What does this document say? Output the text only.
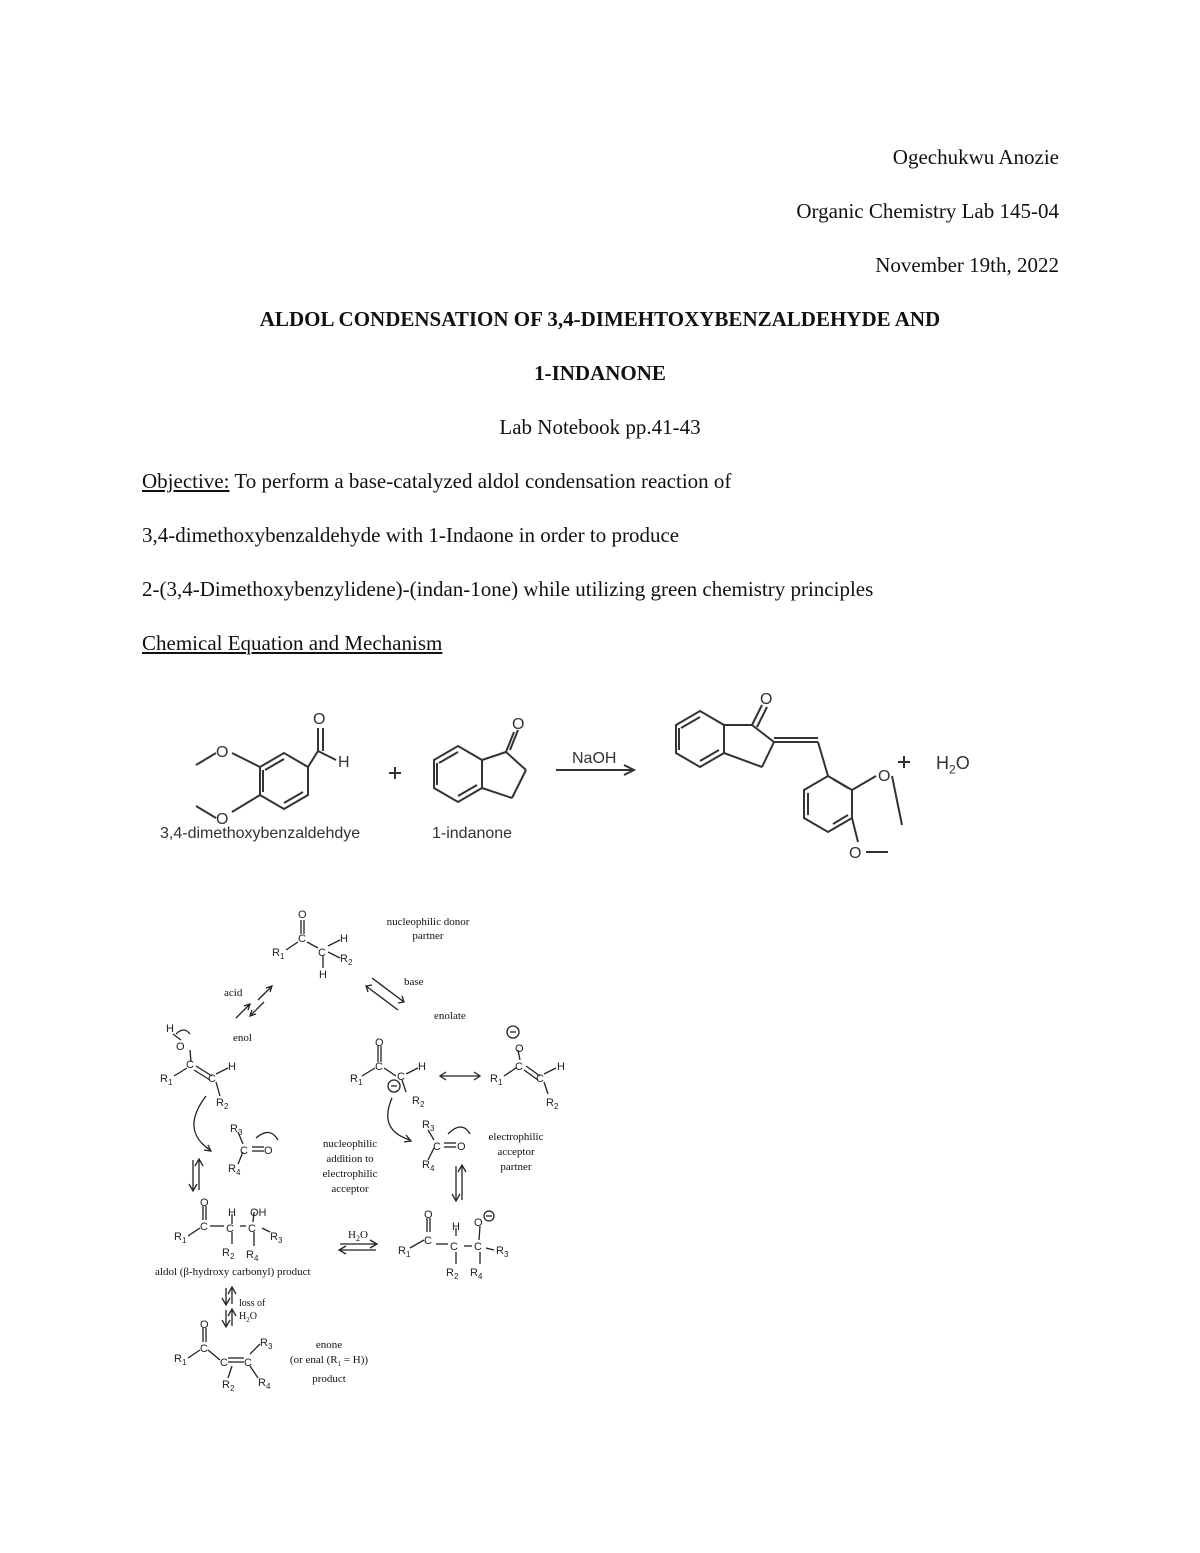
Ogechukwu Anozie
Organic Chemistry Lab 145-04
November 19th, 2022
ALDOL CONDENSATION OF 3,4-DIMEHTOXYBENZALDEHYDE AND
1-INDANONE
Lab Notebook pp.41-43
Objective: To perform a base-catalyzed aldol condensation reaction of
3,4-dimethoxybenzaldehyde with 1-Indaone in order to produce
2-(3,4-Dimethoxybenzylidene)-(indan-1one) while utilizing green chemistry principles
Chemical Equation and Mechanism
O
H
O
O
O
O
O
O
NaOH	$H_2O$
3,4-dimethoxybenzaldehdye	1-indanone
O
C
$R_1$	C
H
$R_2$
H
H
O
C
$R_1$	C
H
$R_2$
$R_3$
C O
$R_4$
O
C
$R_1$	C
H
$R_2$
O
C
$R_1$	C
H
$R_2$
$R_3$
C O
$R_4$
O
C
$R_1$
H
C
OH
C
$R_3$
$R_2$ $R_4$
O
C
$R_1$
H
C
O
C $R_3$
$R_2$ $R_4$
O
C
$R_1$	C C
$R_3$
$R_2$ $R_4$
nucleophilic donor
partner
acid
base
enol
enolate
nucleophilic
addition to
electrophilic
acceptor
electrophilic
acceptor
partner
$H_2O$
aldol (β-hydroxy carbonyl) product
loss of
$H_2O$
enone
(or enal $(R_1 = H)$)
product
